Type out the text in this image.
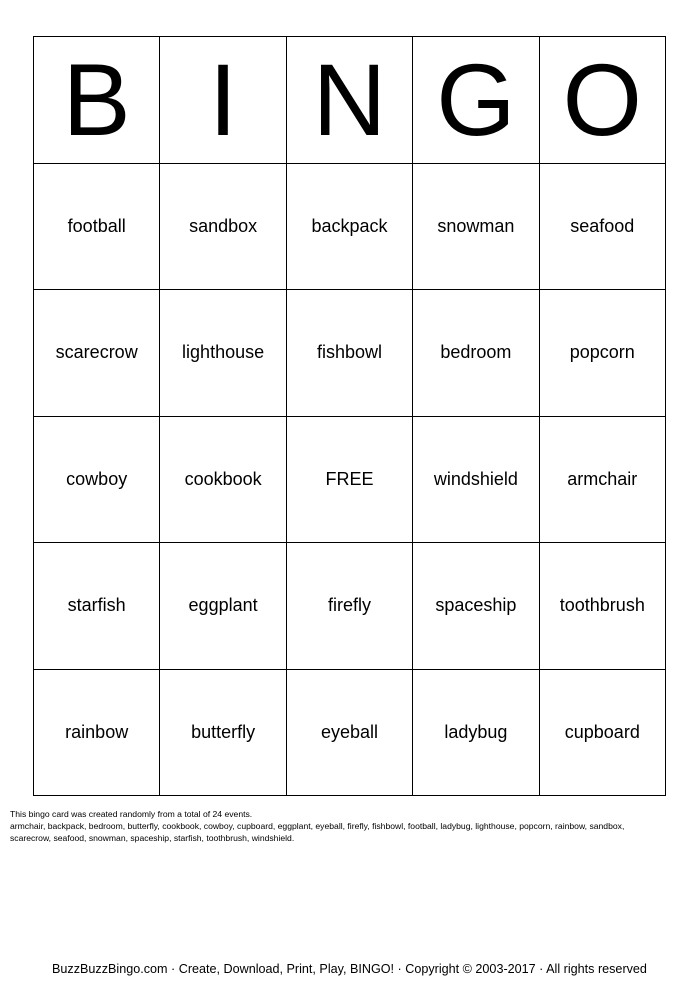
B I N G O
football	sandbox	backpack	snowman	seafood
scarecrow	lighthouse	fishbowl	bedroom	popcorn
cowboy	cookbook	FREE	windshield	armchair
starfish	eggplant	firefly	spaceship	toothbrush
rainbow	butterfly	eyeball	ladybug	cupboard

This bingo card was created randomly from a total of 24 events.

armchair, backpack, bedroom, butterfly, cookbook, cowboy, cupboard, eggplant, eyeball, firefly, fishbowl, football, ladybug, lighthouse, popcorn, rainbow, sandbox,

scarecrow, seafood, snowman, spaceship, starfish, toothbrush, windshield.

BuzzBuzzBingo.com · Create, Download, Print, Play, BINGO! · Copyright © 2003-2017 · All rights reserved
